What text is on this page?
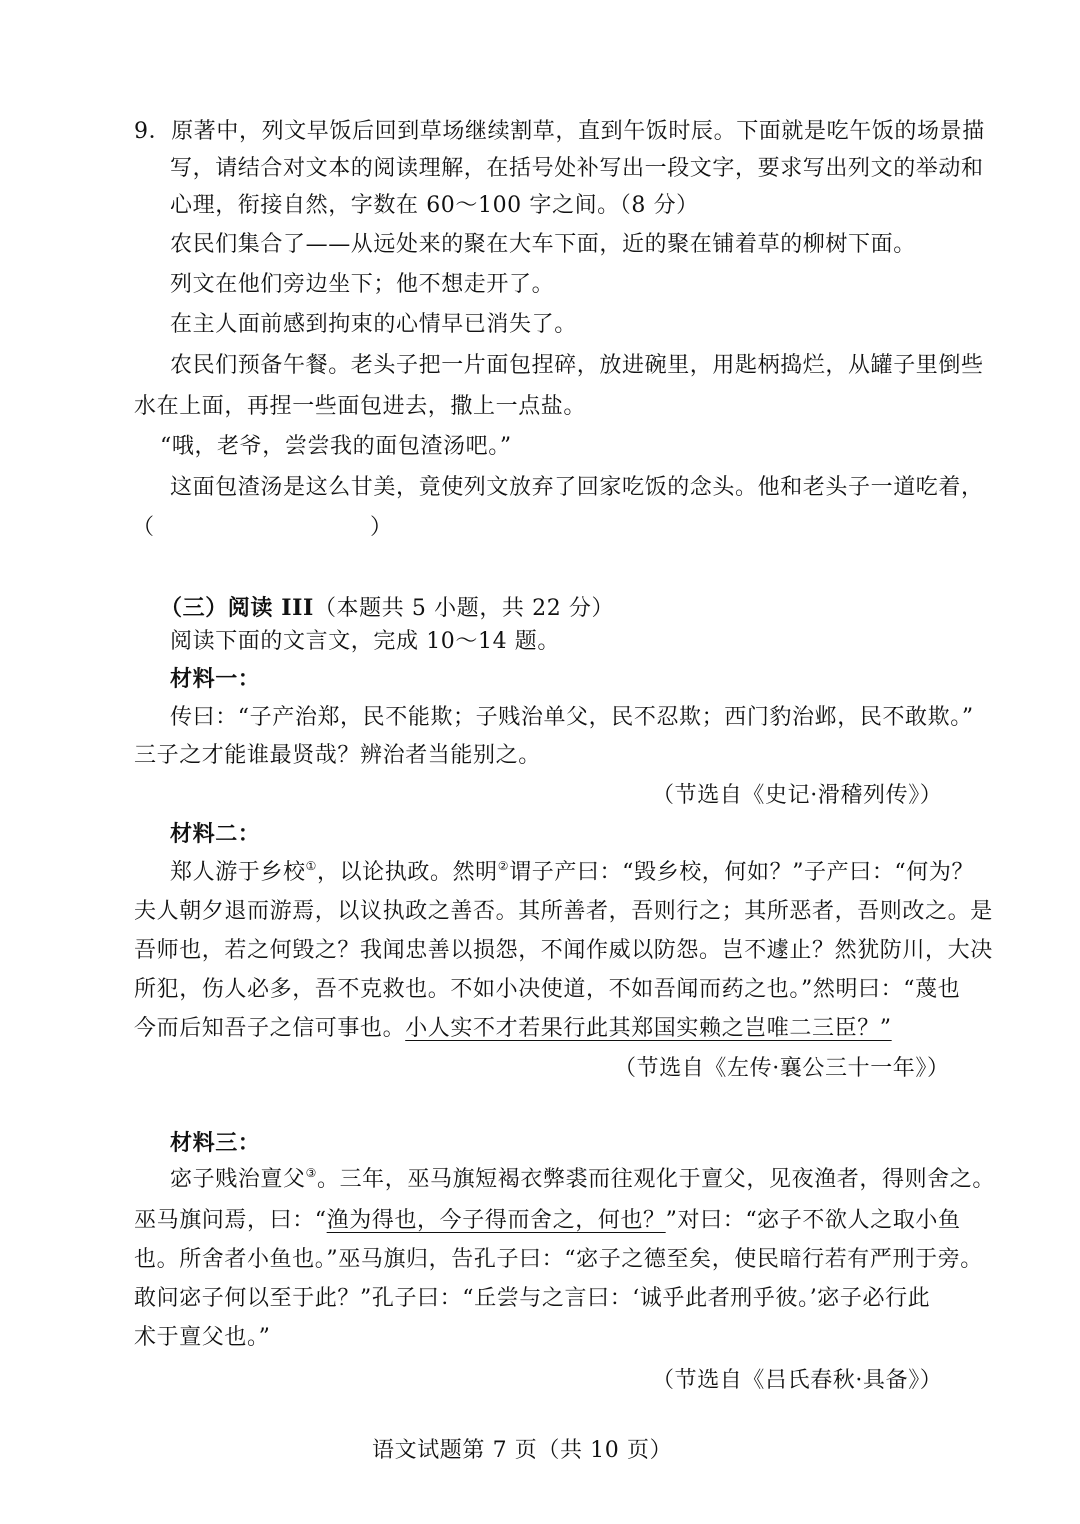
9．原著中，列文早饭后回到草场继续割草，直到午饭时辰。下面就是吃午饭的场景描
写，请结合对文本的阅读理解，在括号处补写出一段文字，要求写出列文的举动和
心理，衔接自然，字数在 60～100 字之间。（8 分）
农民们集合了——从远处来的聚在大车下面，近的聚在铺着草的柳树下面。
列文在他们旁边坐下；他不想走开了。
在主人面前感到拘束的心情早已消失了。
农民们预备午餐。老头子把一片面包捏碎，放进碗里，用匙柄捣烂，从罐子里倒些
水在上面，再捏一些面包进去，撒上一点盐。
“哦，老爷，尝尝我的面包渣汤吧。”
这面包渣汤是这么甘美，竟使列文放弃了回家吃饭的念头。他和老头子一道吃着，
（	）
（三）阅读 III（本题共 5 小题，共 22 分）
阅读下面的文言文，完成 10～14 题。
材料一：
传曰：“子产治郑，民不能欺；子贱治单父，民不忍欺；西门豹治邺，民不敢欺。”
三子之才能谁最贤哉？辨治者当能别之。
（节选自《史记·滑稽列传》）
材料二：
郑人游于乡校①，以论执政。然明②谓子产曰：“毁乡校，何如？”子产曰：“何为？
夫人朝夕退而游焉，以议执政之善否。其所善者，吾则行之；其所恶者，吾则改之。是
吾师也，若之何毁之？我闻忠善以损怨，不闻作威以防怨。岂不遽止？然犹防川，大决
所犯，伤人必多，吾不克救也。不如小决使道，不如吾闻而药之也。”然明曰：“蔑也
今而后知吾子之信可事也。小人实不才若果行此其郑国实赖之岂唯二三臣？”
（节选自《左传·襄公三十一年》）
材料三：
宓子贱治亶父③。三年，巫马旗短褐衣弊裘而往观化于亶父，见夜渔者，得则舍之。
巫马旗问焉，曰：“渔为得也，今子得而舍之，何也？”对曰：“宓子不欲人之取小鱼
也。所舍者小鱼也。”巫马旗归，告孔子曰：“宓子之德至矣，使民暗行若有严刑于旁。
敢问宓子何以至于此？”孔子曰：“丘尝与之言曰：‘诚乎此者刑乎彼。’宓子必行此
术于亶父也。”
（节选自《吕氏春秋·具备》）
语文试题第 7 页（共 10 页）
